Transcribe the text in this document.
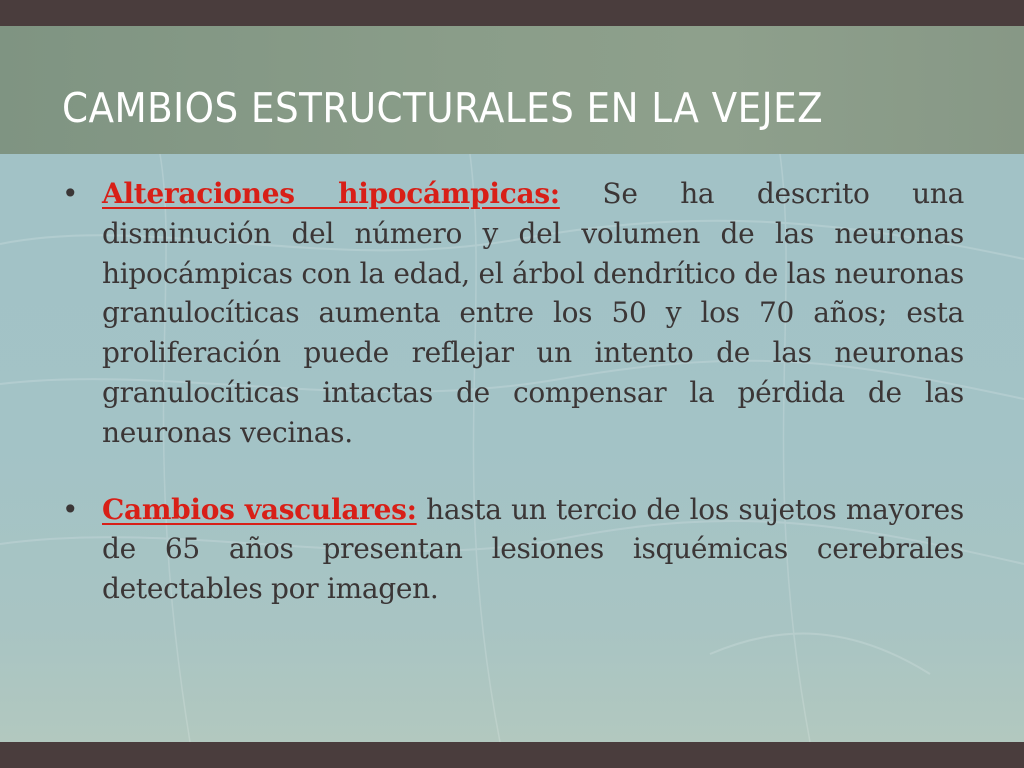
CAMBIOS ESTRUCTURALES EN LA VEJEZ
• Alteraciones hipocámpicas: Se ha descrito una disminución del número y del volumen de las neuronas hipocámpicas con la edad, el árbol dendrítico de las neuronas granulocíticas aumenta entre los 50 y los 70 años; esta proliferación puede reflejar un intento de las neuronas granulocíticas intactas de compensar la pérdida de las neuronas vecinas.
• Cambios vasculares: hasta un tercio de los sujetos mayores de 65 años presentan lesiones isquémicas cerebrales detectables por imagen.
